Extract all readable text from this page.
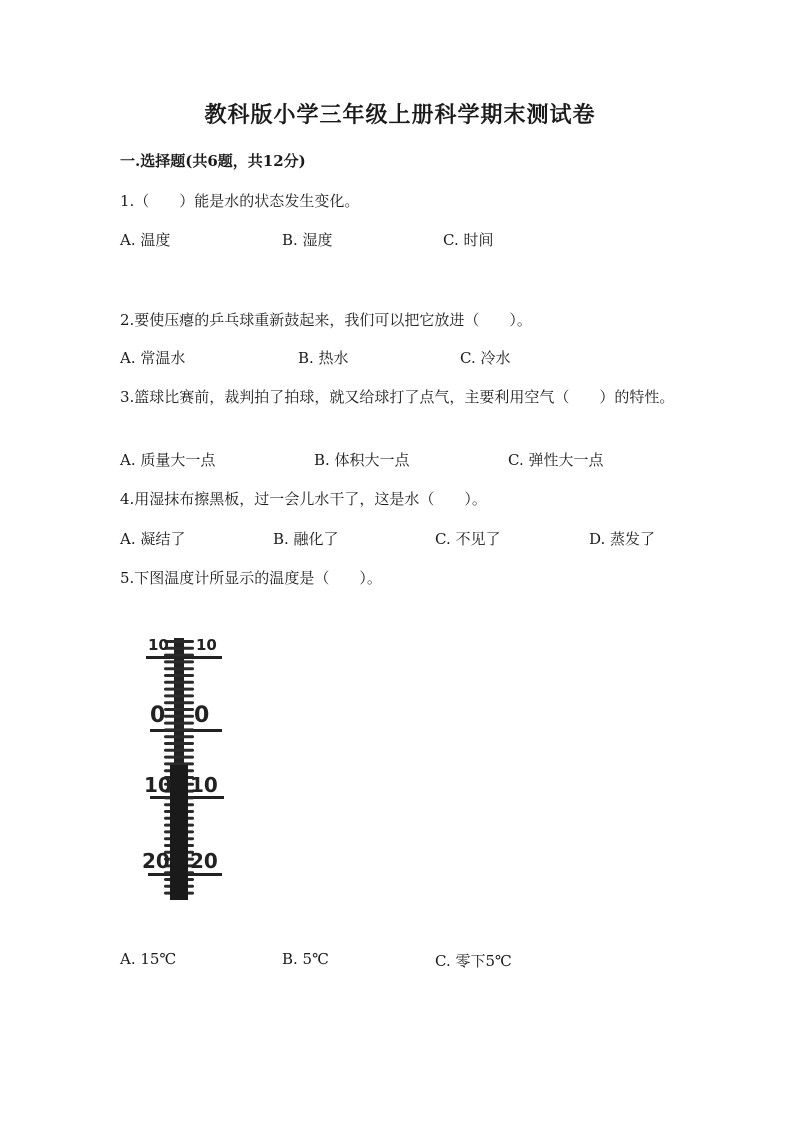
教科版小学三年级上册科学期末测试卷
一.选择题(共6题，共12分)
1.（　　）能是水的状态发生变化。
A. 温度	B. 湿度	C. 时间
2.要使压瘪的乒乓球重新鼓起来，我们可以把它放进（　　）。
A. 常温水	B. 热水	C. 冷水
3.篮球比赛前，裁判拍了拍球，就又给球打了点气，主要利用空气（　　）的特性。
A. 质量大一点	B. 体积大一点	C. 弹性大一点
4.用湿抹布擦黑板，过一会儿水干了，这是水（　　）。
A. 凝结了	B. 融化了	C. 不见了	D. 蒸发了
5.下图温度计所显示的温度是（　　）。
10 10
0 0
10 10
20 20
A. 15℃	B. 5℃	C. 零下5℃
